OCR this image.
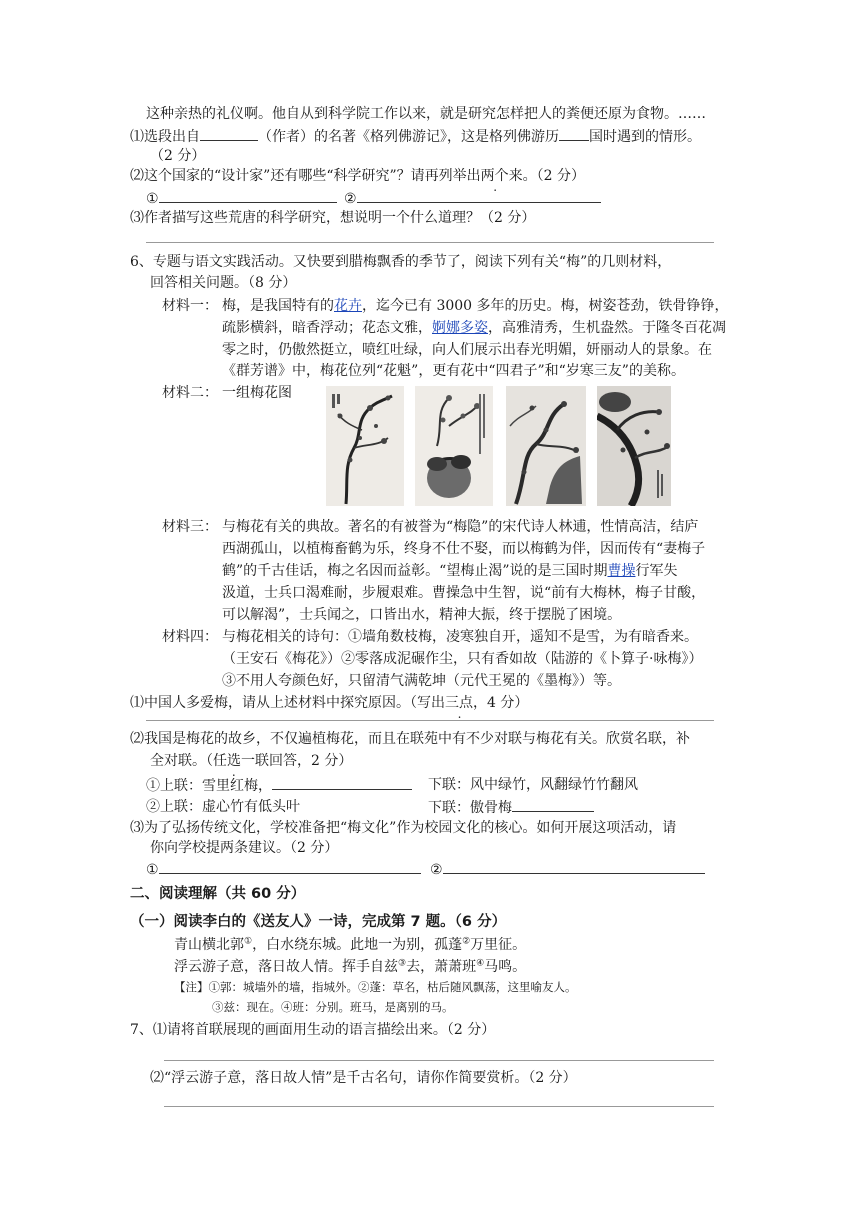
这种亲热的礼仪啊。他自从到科学院工作以来，就是研究怎样把人的粪便还原为食物。……
⑴选段出自	（作者）的名著《格列佛游记》，这是格列佛游历 国时遇到的情形。
（2 分）
⑵这个国家的“设计家”还有哪些“科学研究”？请再列举出两个来。（2 分）
①	②
⑶作者描写这些荒唐的科学研究，想说明一个什么道理？（2 分）
6、专题与语文实践活动。又快要到腊梅飘香的季节了，阅读下列有关“梅”的几则材料，
回答相关问题。（8 分）
材料一： 梅，是我国特有的花卉，迄今已有 3000 多年的历史。梅，树姿苍劲，铁骨铮铮，
疏影横斜，暗香浮动；花态文雅，婀娜多姿，高雅清秀，生机盎然。于隆冬百花凋
零之时，仍傲然挺立，喷红吐绿，向人们展示出春光明媚，妍丽动人的景象。在
《群芳谱》中，梅花位列“花魁”，更有花中“四君子”和“岁寒三友”的美称。
材料二： 一组梅花图
材料三： 与梅花有关的典故。著名的有被誉为“梅隐”的宋代诗人林逋，性情高洁，结庐
西湖孤山，以植梅畜鹤为乐，终身不仕不娶，而以梅鹤为伴，因而传有“妻梅子
鹤”的千古佳话，梅之名因而益彰。“望梅止渴”说的是三国时期曹操行军失
汲道，士兵口渴难耐，步履艰难。曹操急中生智，说“前有大梅林，梅子甘酸，
可以解渴”，士兵闻之，口皆出水，精神大振，终于摆脱了困境。
材料四： 与梅花相关的诗句：①墙角数枝梅，凌寒独自开，遥知不是雪，为有暗香来。
（王安石《梅花》）②零落成泥碾作尘，只有香如故（陆游的《卜算子·咏梅》）
③不用人夸颜色好，只留清气满乾坤（元代王冕的《墨梅》）等。
⑴中国人多爱梅，请从上述材料中探究原因。（写出三点，4 分）
⑵我国是梅花的故乡，不仅遍植梅花，而且在联苑中有不少对联与梅花有关。欣赏名联，补
全对联。（任选一联回答，2 分）
①上联：雪里红梅，	下联：风中绿竹，风翻绿竹竹翻风
②上联：虚心竹有低头叶	下联：傲骨梅
⑶为了弘扬传统文化，学校准备把“梅文化”作为校园文化的核心。如何开展这项活动，请
你向学校提两条建议。（2 分）
①	②
二、阅读理解（共 60 分）
（一）阅读李白的《送友人》一诗，完成第 7 题。（6 分）
青山横北郭①，白水绕东城。此地一为别，孤蓬②万里征。
浮云游子意，落日故人情。挥手自兹③去，萧萧班④马鸣。
【注】①郭：城墙外的墙，指城外。②蓬：草名，枯后随风飘荡，这里喻友人。
③兹：现在。④班：分别。班马，是离别的马。
7、⑴请将首联展现的画面用生动的语言描绘出来。（2 分）
⑵“浮云游子意，落日故人情”是千古名句，请你作简要赏析。（2 分）
